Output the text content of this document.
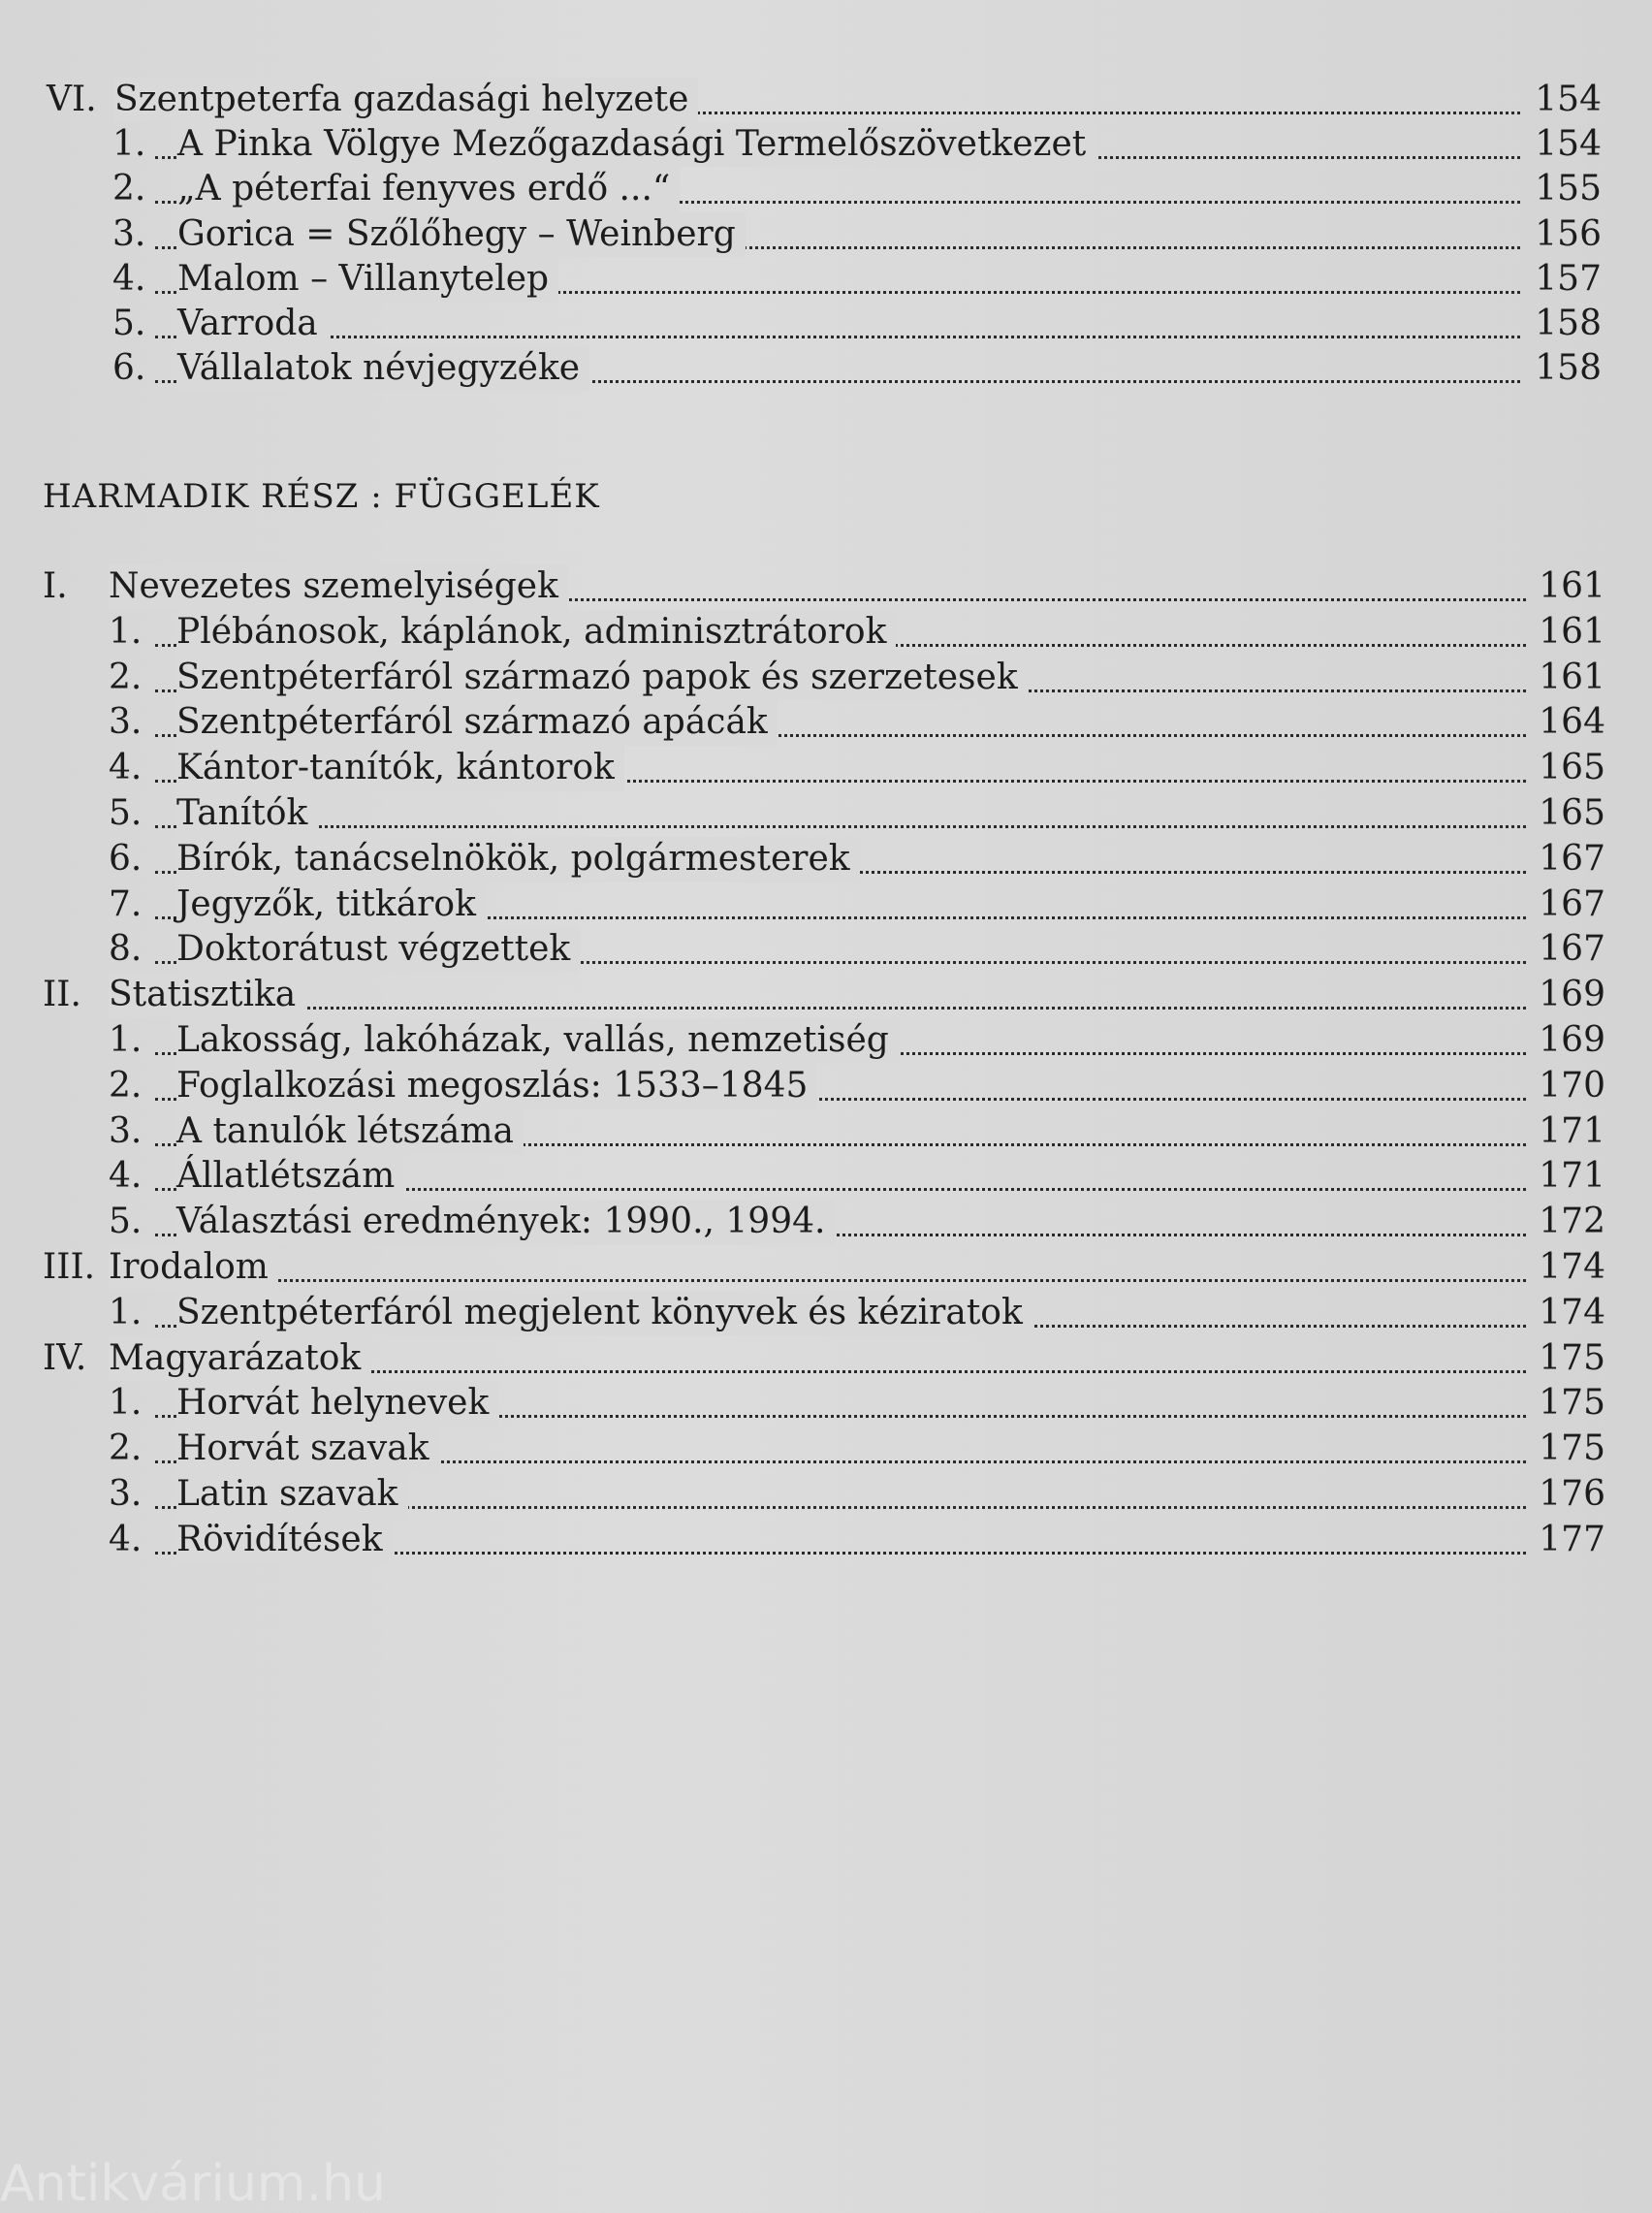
VI. Szentpeterfa gazdasági helyzete	154
1. A Pinka Völgye Mezőgazdasági Termelőszövetkezet	154
2. „A péterfai fenyves erdő ...“	155
3. Gorica = Szőlőhegy – Weinberg	156
4. Malom – Villanytelep	157
5. Varroda	158
6. Vállalatok névjegyzéke	158
HARMADIK RÉSZ : FÜGGELÉK
I. Nevezetes szemelyiségek	161
1. Plébánosok, káplánok, adminisztrátorok	161
2. Szentpéterfáról származó papok és szerzetesek	161
3. Szentpéterfáról származó apácák	164
4. Kántor-tanítók, kántorok	165
5. Tanítók	165
6. Bírók, tanácselnökök, polgármesterek	167
7. Jegyzők, titkárok	167
8. Doktorátust végzettek	167
II. Statisztika	169
1. Lakosság, lakóházak, vallás, nemzetiség	169
2. Foglalkozási megoszlás: 1533–1845	170
3. A tanulók létszáma	171
4. Állatlétszám	171
5. Választási eredmények: 1990., 1994.	172
III. Irodalom	174
1. Szentpéterfáról megjelent könyvek és kéziratok	174
IV. Magyarázatok	175
1. Horvát helynevek	175
2. Horvát szavak	175
3. Latin szavak	176
4. Rövidítések	177
Antikvárium.hu
